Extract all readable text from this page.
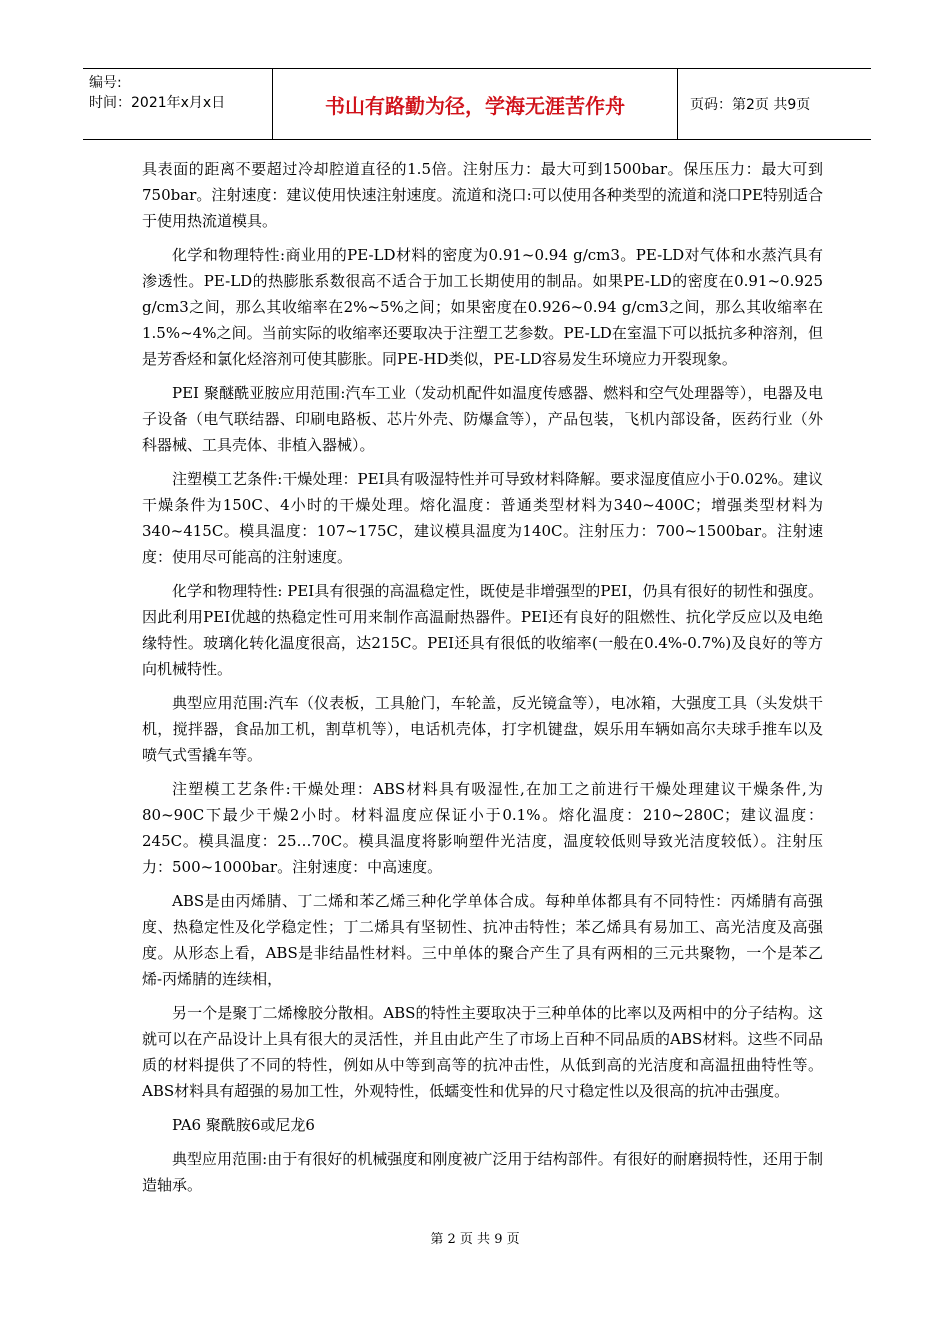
编号:
时间：2021年x月x日	书山有路勤为径，学海无涯苦作舟	页码：第2页 共9页

具表面的距离不要超过冷却腔道直径的1.5倍。注射压力：最大可到1500bar。保压压力：最大可到750bar。注射速度：建议使用快速注射速度。流道和浇口:可以使用各种类型的流道和浇口PE特别适合于使用热流道模具。

化学和物理特性:商业用的PE-LD材料的密度为0.91~0.94 g/cm3。PE-LD对气体和水蒸汽具有渗透性。PE-LD的热膨胀系数很高不适合于加工长期使用的制品。如果PE-LD的密度在0.91~0.925 g/cm3之间，那么其收缩率在2%~5%之间；如果密度在0.926~0.94 g/cm3之间，那么其收缩率在1.5%~4%之间。当前实际的收缩率还要取决于注塑工艺参数。PE-LD在室温下可以抵抗多种溶剂，但是芳香烃和氯化烃溶剂可使其膨胀。同PE-HD类似，PE-LD容易发生环境应力开裂现象。

PEI 聚醚酰亚胺应用范围:汽车工业（发动机配件如温度传感器、燃料和空气处理器等），电器及电子设备（电气联结器、印刷电路板、芯片外壳、防爆盒等），产品包装，飞机内部设备，医药行业（外科器械、工具壳体、非植入器械）。

注塑模工艺条件:干燥处理：PEI具有吸湿特性并可导致材料降解。要求湿度值应小于0.02%。建议干燥条件为150C、4小时的干燥处理。熔化温度：普通类型材料为340~400C；增强类型材料为340~415C。模具温度：107~175C，建议模具温度为140C。注射压力：700~1500bar。注射速度：使用尽可能高的注射速度。

化学和物理特性: PEI具有很强的高温稳定性，既使是非增强型的PEI，仍具有很好的韧性和强度。因此利用PEI优越的热稳定性可用来制作高温耐热器件。PEI还有良好的阻燃性、抗化学反应以及电绝缘特性。玻璃化转化温度很高，达215C。PEI还具有很低的收缩率(一般在0.4%-0.7%)及良好的等方向机械特性。

典型应用范围:汽车（仪表板，工具舱门，车轮盖，反光镜盒等），电冰箱，大强度工具（头发烘干机，搅拌器，食品加工机，割草机等），电话机壳体，打字机键盘，娱乐用车辆如高尔夫球手推车以及喷气式雪撬车等。

注塑模工艺条件:干燥处理：ABS材料具有吸湿性,在加工之前进行干燥处理建议干燥条件,为80~90C下最少干燥2小时。材料温度应保证小于0.1%。熔化温度：210~280C；建议温度：245C。模具温度：25…70C。模具温度将影响塑件光洁度，温度较低则导致光洁度较低）。注射压力：500~1000bar。注射速度：中高速度。

ABS是由丙烯腈、丁二烯和苯乙烯三种化学单体合成。每种单体都具有不同特性：丙烯腈有高强度、热稳定性及化学稳定性；丁二烯具有坚韧性、抗冲击特性；苯乙烯具有易加工、高光洁度及高强度。从形态上看，ABS是非结晶性材料。三中单体的聚合产生了具有两相的三元共聚物，一个是苯乙烯-丙烯腈的连续相，

另一个是聚丁二烯橡胶分散相。ABS的特性主要取决于三种单体的比率以及两相中的分子结构。这就可以在产品设计上具有很大的灵活性，并且由此产生了市场上百种不同品质的ABS材料。这些不同品质的材料提供了不同的特性，例如从中等到高等的抗冲击性，从低到高的光洁度和高温扭曲特性等。ABS材料具有超强的易加工性，外观特性，低蠕变性和优异的尺寸稳定性以及很高的抗冲击强度。

PA6 聚酰胺6或尼龙6

典型应用范围:由于有很好的机械强度和刚度被广泛用于结构部件。有很好的耐磨损特性，还用于制造轴承。

第 2 页 共 9 页
